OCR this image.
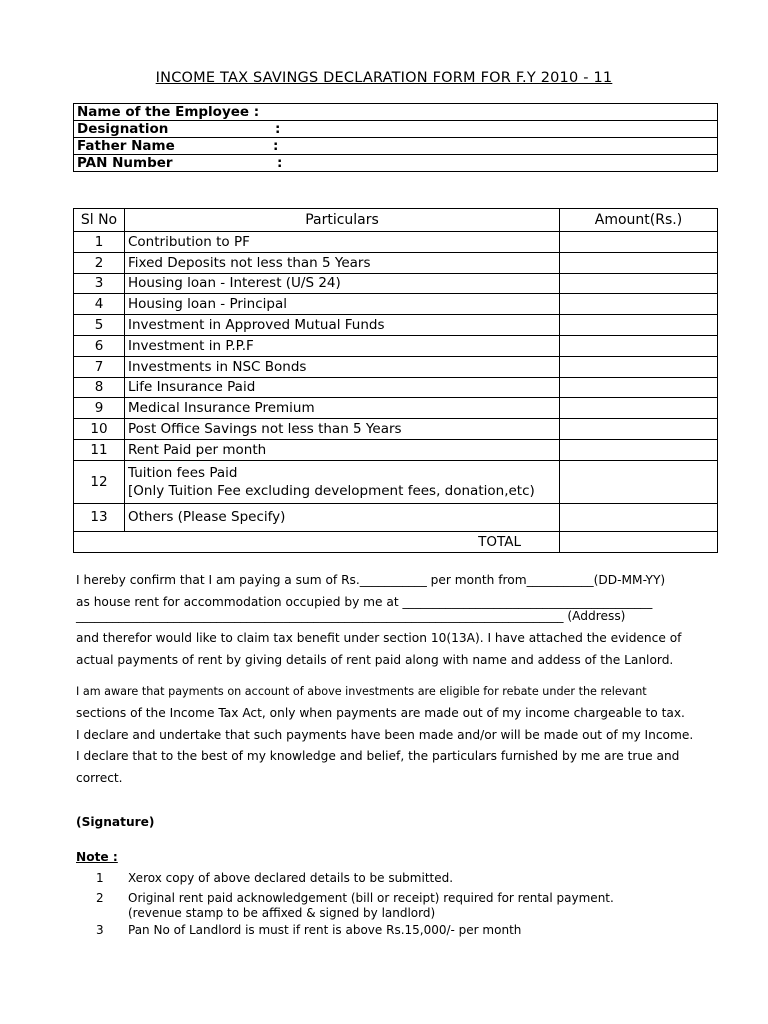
INCOME TAX SAVINGS DECLARATION FORM FOR F.Y 2010 - 11
Name of the Employee :
Designation	:

Father Name	:

PAN Number	:
Sl No	Particulars	Amount(Rs.)
1	Contribution to PF	
2	Fixed Deposits not less than 5 Years	
3	Housing loan - Interest (U/S 24)	
4	Housing loan - Principal	
5	Investment in Approved Mutual Funds	
6	Investment in P.P.F	
7	Investments in NSC Bonds	
8	Life Insurance Paid	
9	Medical Insurance Premium	
10	Post Office Savings not less than 5 Years	
11	Rent Paid per month	
12	Tuition fees Paid
[Only Tuition Fee excluding development fees, donation,etc)	

13	Others (Please Specify)	
TOTAL		
I hereby confirm that I am paying a sum of Rs.___________ per month from___________(DD-MM-YY)
as house rent for accommodation occupied by me at _________________________________________
________________________________________________________________________________ (Address)
and therefor would like to claim tax benefit under section 10(13A). I have attached the evidence of
actual payments of rent by giving details of rent paid along with name and addess of the Lanlord.
I am aware that payments on account of above investments are eligible for rebate under the relevant
sections of the Income Tax Act, only when payments are made out of my income chargeable to tax.
I declare and undertake that such payments have been made and/or will be made out of my Income.
I declare that to the best of my knowledge and belief, the particulars furnished by me are true and
correct.
(Signature)
Note :
1 Xerox copy of above declared details to be submitted.
2 Original rent paid acknowledgement (bill or receipt) required for rental payment.
(revenue stamp to be affixed & signed by landlord)
3 Pan No of Landlord is must if rent is above Rs.15,000/- per month
